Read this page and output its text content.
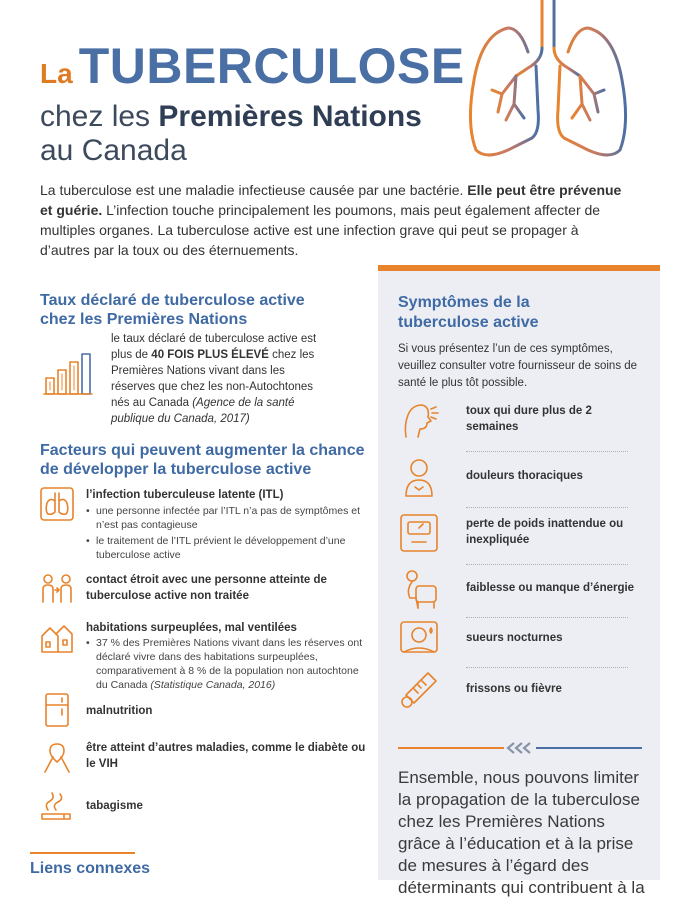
La TUBERCULOSE
chez les Premières Nations
au Canada

La tuberculose est une maladie infectieuse causée par une bactérie. Elle peut être prévenue et guérie. L’infection touche principalement les poumons, mais peut également affecter de multiples organes. La tuberculose active est une infection grave qui peut se propager à d’autres par la toux ou des éternuements.

Taux déclaré de tuberculose active
chez les Premières Nations
le taux déclaré de tuberculose active est plus de 40 FOIS PLUS ÉLEVÉ chez les Premières Nations vivant dans les réserves que chez les non-Autochtones nés au Canada (Agence de la santé publique du Canada, 2017)
Facteurs qui peuvent augmenter la chance
de développer la tuberculose active
l’infection tuberculeuse latente (ITL)
• une personne infectée par l’ITL n’a pas de symptômes et n’est pas contagieuse
• le traitement de l’ITL prévient le développement d’une tuberculose active
contact étroit avec une personne atteinte de tuberculose active non traitée
habitations surpeuplées, mal ventilées
• 37 % des Premières Nations vivant dans les réserves ont déclaré vivre dans des habitations surpeuplées, comparativement à 8 % de la population non autochtone du Canada (Statistique Canada, 2016)
malnutrition
être atteint d’autres maladies, comme le diabète ou le VIH
tabagisme
Liens connexes
Symptômes de la
tuberculose active
Si vous présentez l’un de ces symptômes, veuillez consulter votre fournisseur de soins de santé le plus tôt possible.
toux qui dure plus de 2 semaines
douleurs thoraciques
perte de poids inattendue ou inexpliquée
faiblesse ou manque d’énergie
sueurs nocturnes
frissons ou fièvre
Ensemble, nous pouvons limiter la propagation de la tuberculose chez les Premières Nations grâce à l’éducation et à la prise de mesures à l’égard des déterminants qui contribuent à la
